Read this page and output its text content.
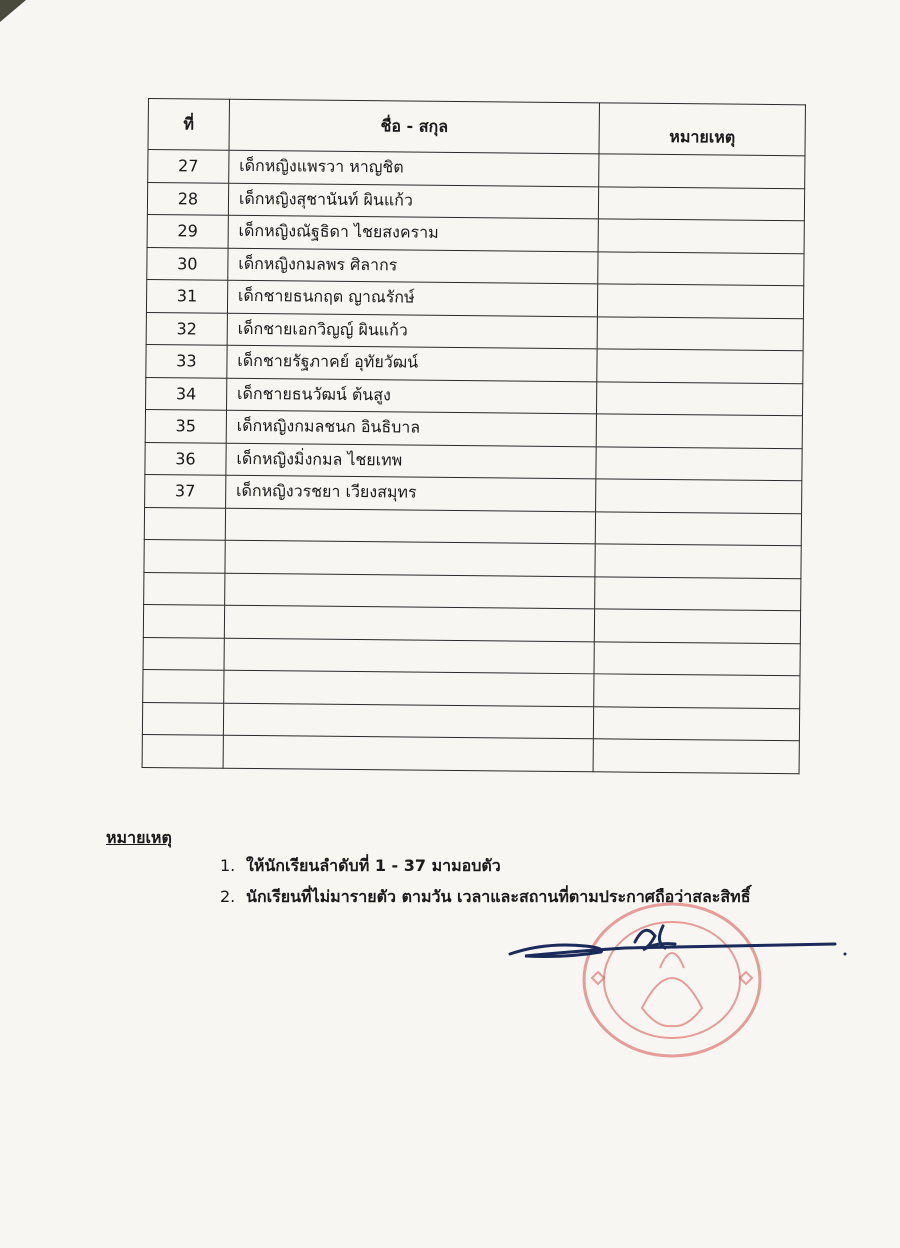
ที่	ชื่อ - สกุล	หมายเหตุ
27	เด็กหญิงแพรวา หาญชิต	
28	เด็กหญิงสุชานันท์ ผินแก้ว	
29	เด็กหญิงณัฐธิดา ไชยสงคราม	
30	เด็กหญิงกมลพร ศิลากร	
31	เด็กชายธนกฤต ญาณรักษ์	
32	เด็กชายเอกวิญญ์ ผินแก้ว	
33	เด็กชายรัฐภาคย์ อุทัยวัฒน์	
34	เด็กชายธนวัฒน์ ต้นสูง	
35	เด็กหญิงกมลชนก อินธิบาล	
36	เด็กหญิงมิ่งกมล ไชยเทพ	
37	เด็กหญิงวรชยา เวียงสมุทร	

หมายเหตุ

1. ให้นักเรียนลำดับที่ 1 - 37 มามอบตัว
2. นักเรียนที่ไม่มารายตัว ตามวัน เวลาและสถานที่ตามประกาศถือว่าสละสิทธิ์
